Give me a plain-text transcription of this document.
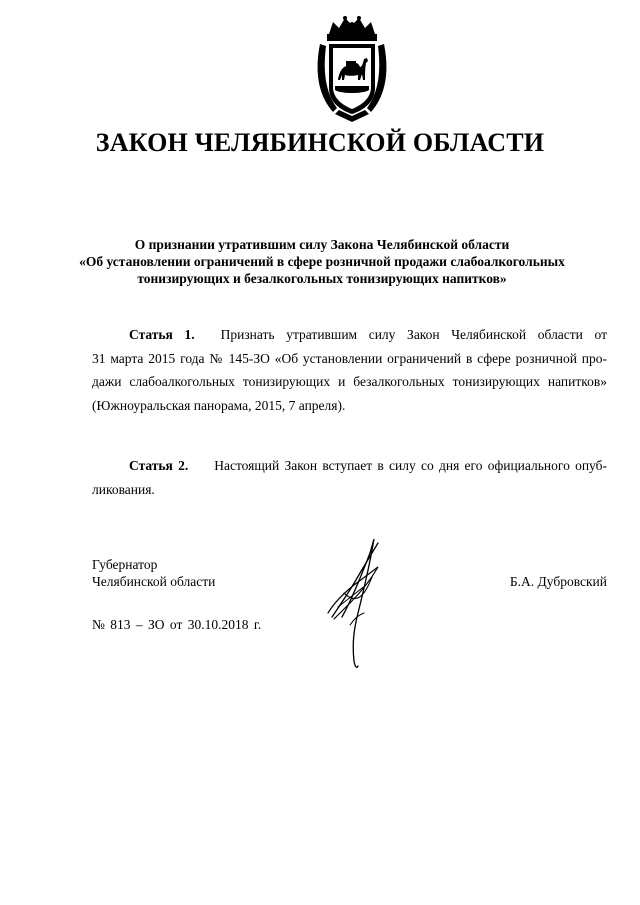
ЗАКОН ЧЕЛЯБИНСКОЙ ОБЛАСТИ
О признании утратившим силу Закона Челябинской области
«Об установлении ограничений в сфере розничной продажи слабоалкогольных
тонизирующих и безалкогольных тонизирующих напитков»
Статья 1. Признать утратившим силу Закон Челябинской области от
31 марта 2015 года № 145-ЗО «Об установлении ограничений в сфере розничной про-
дажи слабоалкогольных тонизирующих и безалкогольных тонизирующих напитков»
(Южноуральская панорама, 2015, 7 апреля).
Статья 2. Настоящий Закон вступает в силу со дня его официального опуб-
ликования.
Губернатор
Челябинской области	Б.А. Дубровский
№ 813 – ЗО от 30.10.2018 г.
